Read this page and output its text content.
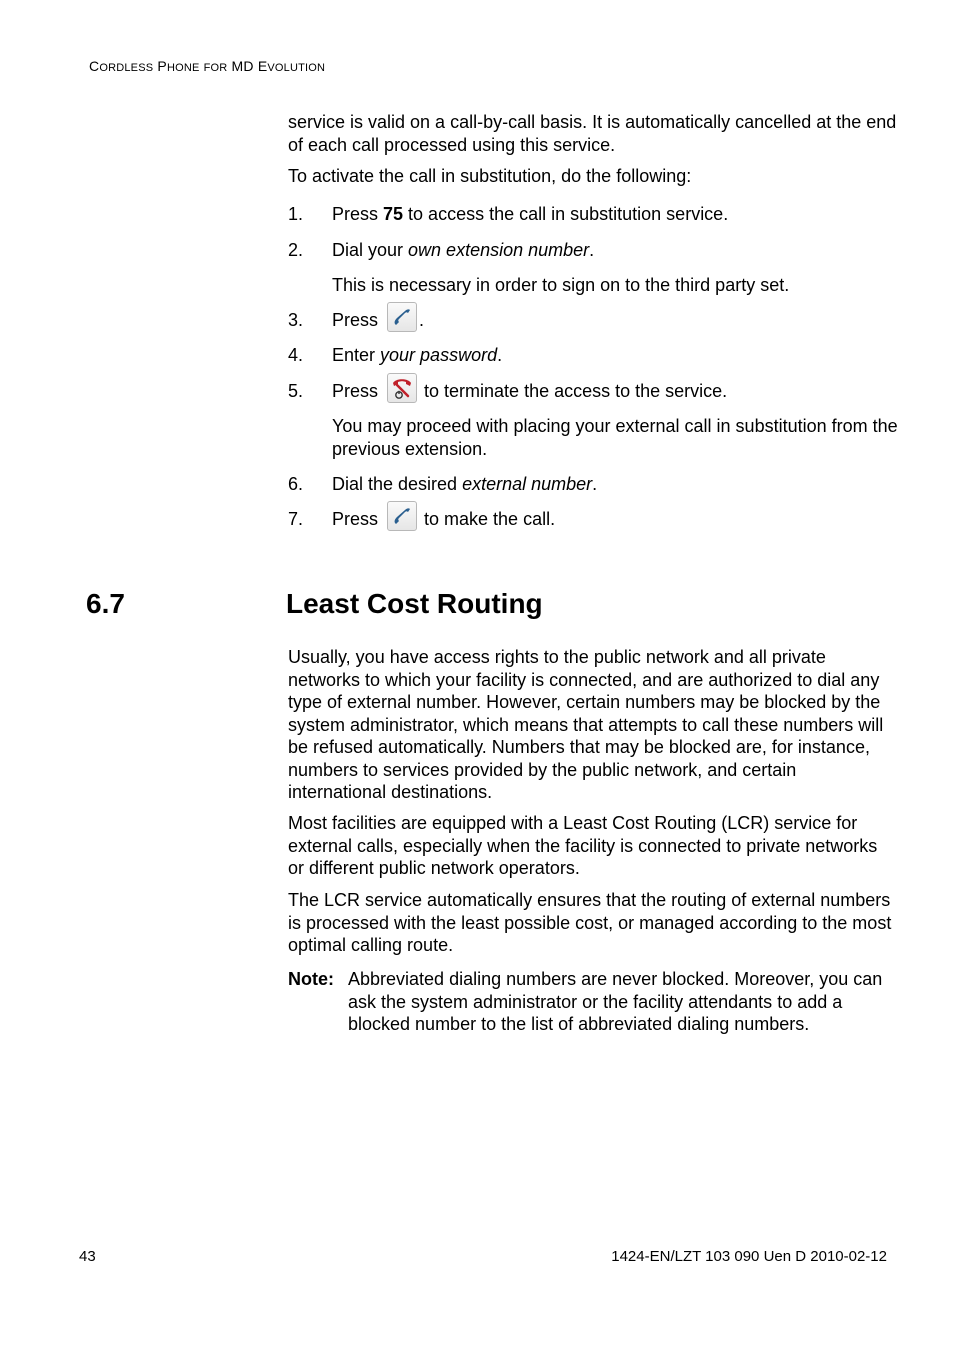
CORDLESS PHONE FOR MD EVOLUTION

service is valid on a call-by-call basis. It is automatically cancelled at the end of each call processed using this service.

To activate the call in substitution, do the following:

1. Press 75 to access the call in substitution service.
2. Dial your own extension number.
This is necessary in order to sign on to the third party set.
3. Press
.
4. Enter your password.
5. Press
to terminate the access to the service.
You may proceed with placing your external call in substitution from the previous extension.
6. Dial the desired external number.
7. Press
to make the call.
6.7	Least Cost Routing

Usually, you have access rights to the public network and all private networks to which your facility is connected, and are authorized to dial any type of external number. However, certain numbers may be blocked by the system administrator, which means that attempts to call these numbers will be refused automatically. Numbers that may be blocked are, for instance, numbers to services provided by the public network, and certain international destinations.

Most facilities are equipped with a Least Cost Routing (LCR) service for external calls, especially when the facility is connected to private networks or different public network operators.

The LCR service automatically ensures that the routing of external numbers is processed with the least possible cost, or managed according to the most optimal calling route.

Note: Abbreviated dialing numbers are never blocked. Moreover, you can ask the system administrator or the facility attendants to add a blocked number to the list of abbreviated dialing numbers.
43	1424-EN/LZT 103 090 Uen D 2010-02-12
